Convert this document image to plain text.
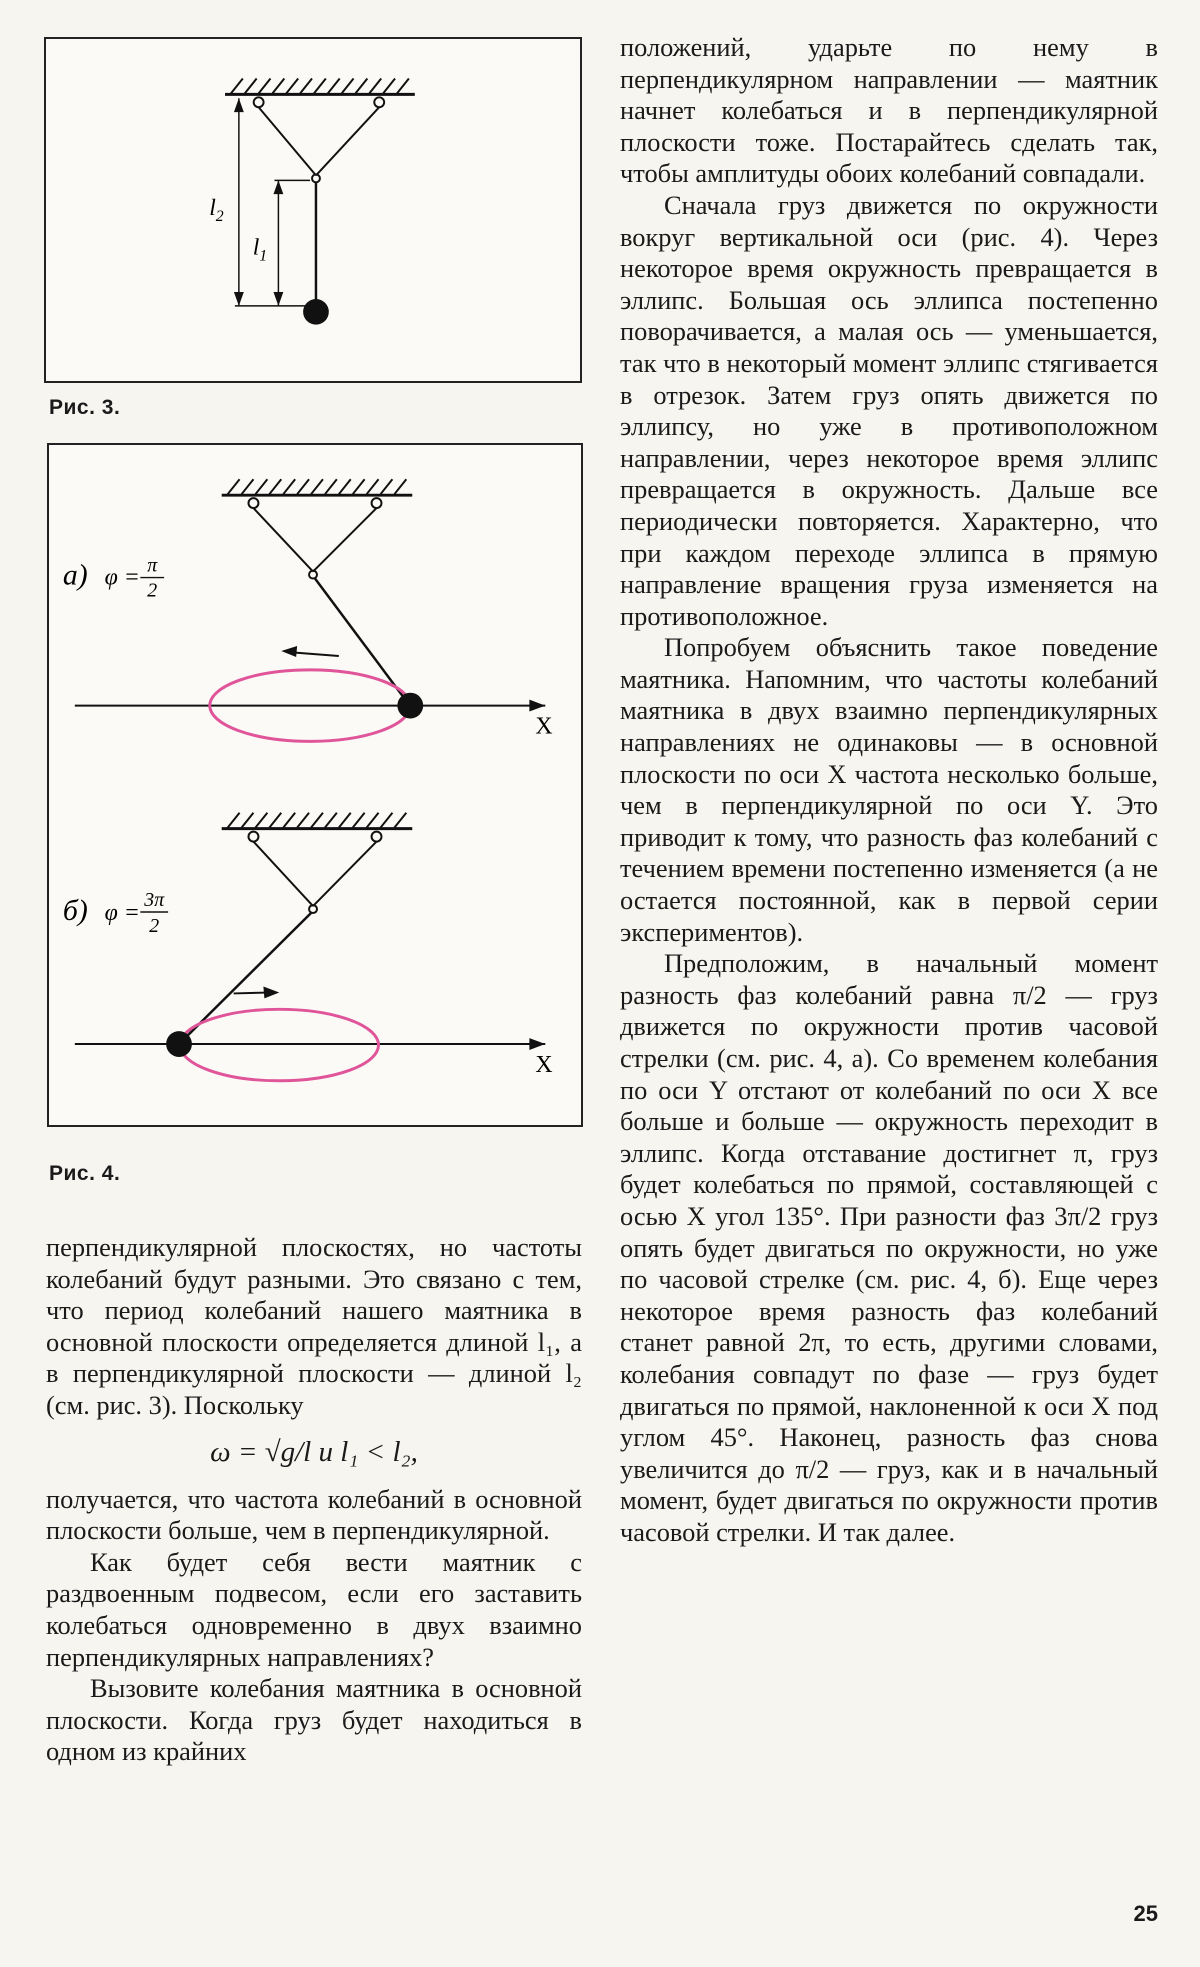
$l_2$
$l_1$
Рис. 3.
X
а) φ = π
2
X
б) φ = 3π
2
Рис. 4.

перпендикулярной плоскостях, но частоты колебаний будут разными. Это связано с тем, что период колебаний нашего маятника в основной плоскости определяется длиной l₁, а в перпендикулярной плоскости — длиной l₂ (см. рис. 3). Поскольку

ω = √g/l и l₁ < l₂,

получается, что частота колебаний в основной плоскости больше, чем в перпендикулярной.

Как будет себя вести маятник с раздвоенным подвесом, если его заставить колебаться одновременно в двух взаимно перпендикулярных направлениях?

Вызовите колебания маятника в основной плоскости. Когда груз будет находиться в одном из крайних

положений, ударьте по нему в перпендикулярном направлении — маятник начнет колебаться и в перпендикулярной плоскости тоже. Постарайтесь сделать так, чтобы амплитуды обоих колебаний совпадали.

Сначала груз движется по окружности вокруг вертикальной оси (рис. 4). Через некоторое время окружность превращается в эллипс. Большая ось эллипса постепенно поворачивается, а малая ось — уменьшается, так что в некоторый момент эллипс стягивается в отрезок. Затем груз опять движется по эллипсу, но уже в противоположном направлении, через некоторое время эллипс превращается в окружность. Дальше все периодически повторяется. Характерно, что при каждом переходе эллипса в прямую направление вращения груза изменяется на противоположное.

Попробуем объяснить такое поведение маятника. Напомним, что частоты колебаний маятника в двух взаимно перпендикулярных направлениях не одинаковы — в основной плоскости по оси X частота несколько больше, чем в перпендикулярной по оси Y. Это приводит к тому, что разность фаз колебаний с течением времени постепенно изменяется (а не остается постоянной, как в первой серии экспериментов).

Предположим, в начальный момент разность фаз колебаний равна π/2 — груз движется по окружности против часовой стрелки (см. рис. 4, а). Со временем колебания по оси Y отстают от колебаний по оси X все больше и больше — окружность переходит в эллипс. Когда отставание достигнет π, груз будет колебаться по прямой, составляющей с осью X угол 135°. При разности фаз 3π/2 груз опять будет двигаться по окружности, но уже по часовой стрелке (см. рис. 4, б). Еще через некоторое время разность фаз колебаний станет равной 2π, то есть, другими словами, колебания совпадут по фазе — груз будет двигаться по прямой, наклоненной к оси X под углом 45°. Наконец, разность фаз снова увеличится до π/2 — груз, как и в начальный момент, будет двигаться по окружности против часовой стрелки. И так далее.

25
